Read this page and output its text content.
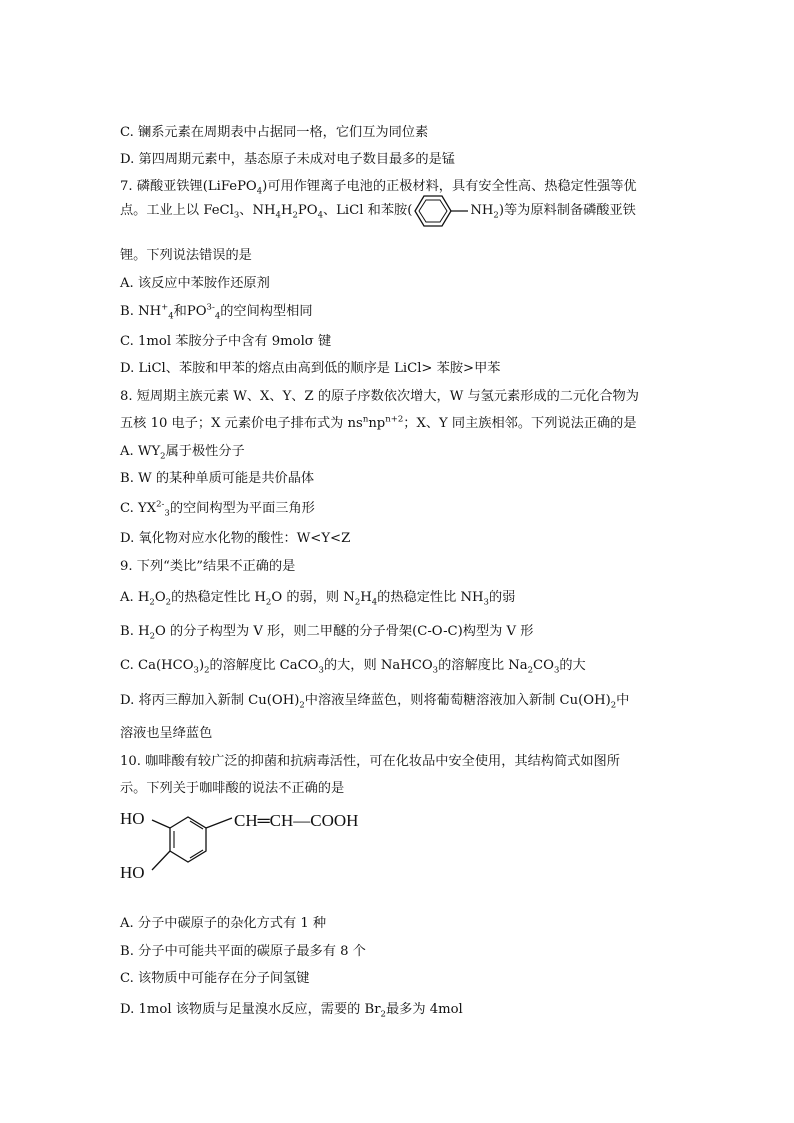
C. 镧系元素在周期表中占据同一格，它们互为同位素
D. 第四周期元素中，基态原子未成对电子数目最多的是锰
7. 磷酸亚铁锂(LiFePO$_4$)可用作锂离子电池的正极材料，具有安全性高、热稳定性强等优
点。工业上以 FeCl$_3$、$NH_4H_2PO_4$、LiCl 和苯胺(	$NH_2$)等为原料制备磷酸亚铁
锂。下列说法错误的是
A. 该反应中苯胺作还原剂
B. $NH^+_4$和$PO^{3-}_4$的空间构型相同
C. 1mol 苯胺分子中含有 9molσ 键
D. LiCl、苯胺和甲苯的熔点由高到低的顺序是 LiCl> 苯胺>甲苯
8. 短周期主族元素 W、X、Y、Z 的原子序数依次增大，W 与氢元素形成的二元化合物为
五核 10 电子；X 元素价电子排布式为 $ns^nnp^{n+2}$；X、Y 同主族相邻。下列说法正确的是
A. $WY_2$属于极性分子
B. W 的某种单质可能是共价晶体
C. $YX^{2-}_3$的空间构型为平面三角形
D. 氧化物对应水化物的酸性：W<Y<Z
9. 下列“类比”结果不正确的是
A. $H_2O_2$的热稳定性比 $H_2O$ 的弱，则 $N_2H_4$的热稳定性比 $NH_3$的弱
B. $H_2O$ 的分子构型为 V 形，则二甲醚的分子骨架(C-O-C)构型为 V 形
C. $Ca(HCO_3)_2$的溶解度比 CaCO$_3$的大，则 NaHCO$_3$的溶解度比 $Na_2CO_3$的大
D. 将丙三醇加入新制 $Cu(OH)_2$中溶液呈绛蓝色，则将葡萄糖溶液加入新制 $Cu(OH)_2$中
溶液也呈绛蓝色
10. 咖啡酸有较广泛的抑菌和抗病毒活性，可在化妆品中安全使用，其结构简式如图所
示。下列关于咖啡酸的说法不正确的是
HO
HO
CH═CH—COOH
A. 分子中碳原子的杂化方式有 1 种
B. 分子中可能共平面的碳原子最多有 8 个
C. 该物质中可能存在分子间氢键
D. 1mol 该物质与足量溴水反应，需要的 $Br_2$最多为 4mol
